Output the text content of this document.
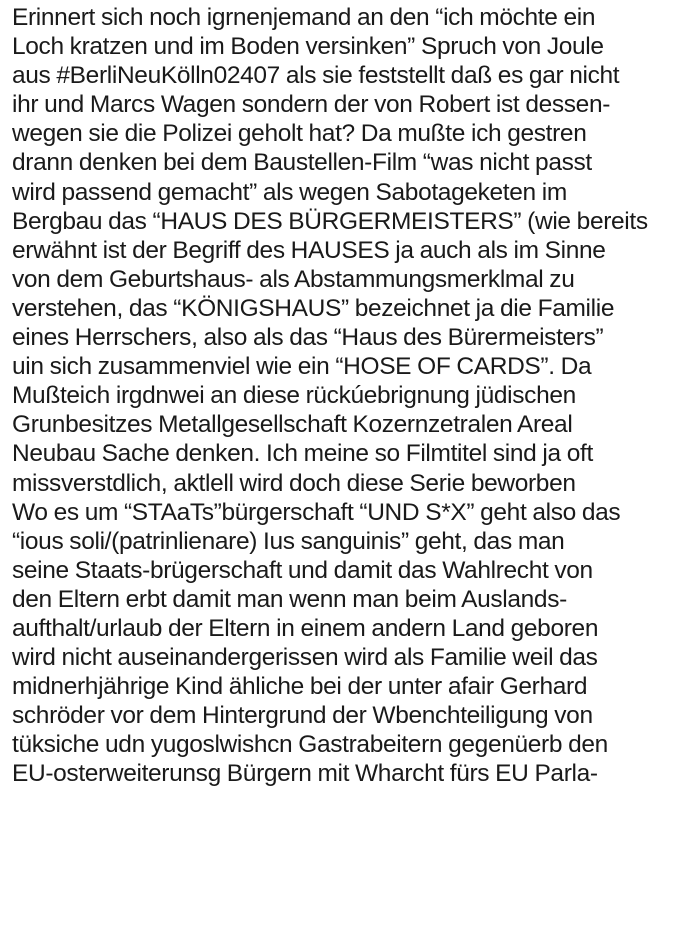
Erinnert sich noch igrnenjemand an den “ich möchte ein
Loch kratzen und im Boden versinken” Spruch von Joule
aus #BerliNeuKölln02407 als sie feststellt daß es gar nicht
ihr und Marcs Wagen sondern der von Robert ist dessen-
wegen sie die Polizei geholt hat? Da mußte ich gestren
drann denken bei dem Baustellen-Film “was nicht passt
wird passend gemacht” als wegen Sabotageketen im
Bergbau das “HAUS DES BÜRGERMEISTERS” (wie bereits
erwähnt ist der Begriff des HAUSES ja auch als im Sinne
von dem Geburtshaus- als Abstammungsmerklmal zu
verstehen, das “KÖNIGSHAUS” bezeichnet ja die Familie
eines Herrschers, also als das “Haus des Bürermeisters”
uin sich zusammenviel wie ein “HOSE OF CARDS”. Da
Mußteich irgdnwei an diese rückúebrignung jüdischen
Grunbesitzes Metallgesellschaft Kozernzetralen Areal
Neubau Sache denken. Ich meine so Filmtitel sind ja oft
missverstdlich, aktlell wird doch diese Serie beworben
Wo es um “STAaTs”bürgerschaft “UND S*X” geht also das
“ious soli/(patrinlienare) Ius sanguinis” geht, das man
seine Staats-brügerschaft und damit das Wahlrecht von
den Eltern erbt damit man wenn man beim Auslands-
aufthalt/urlaub der Eltern in einem andern Land geboren
wird nicht auseinandergerissen wird als Familie weil das
midnerhjährige Kind ähliche bei der unter afair Gerhard
schröder vor dem Hintergrund der Wbenchteiligung von
tüksiche udn yugoslwishcn Gastrabeitern gegenüerb den
EU-osterweiterunsg Bürgern mit Wharcht fürs EU Parla-
